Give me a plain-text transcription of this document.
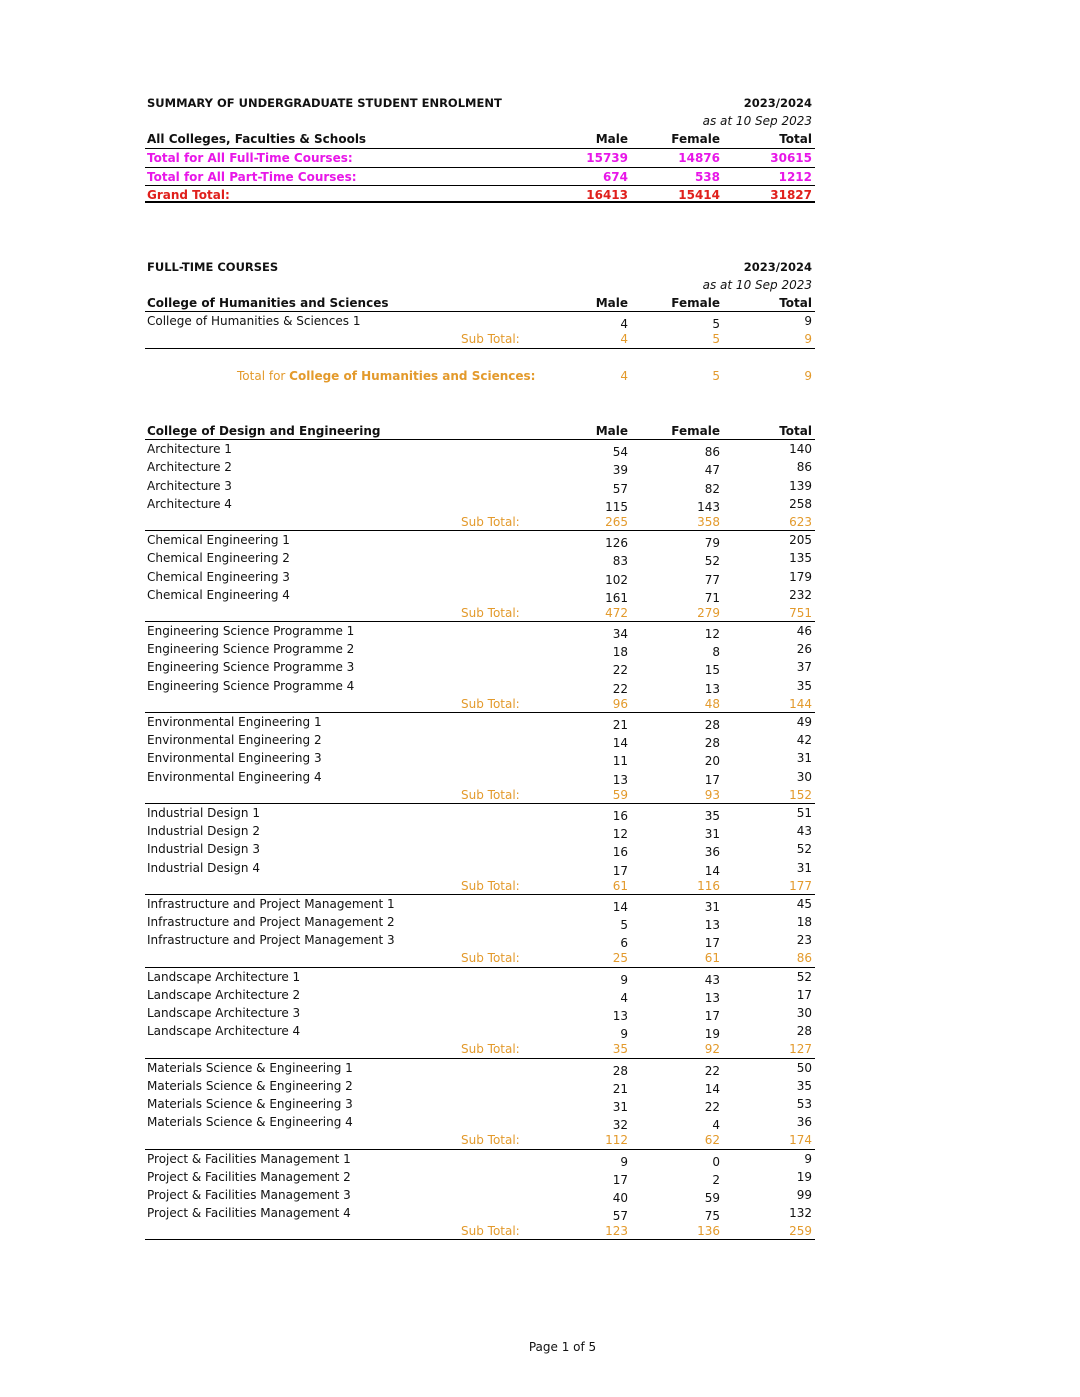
SUMMARY OF UNDERGRADUATE STUDENT ENROLMENT	2023/2024
as at 10 Sep 2023
All Colleges, Faculties & Schools	Male	Female	Total
Total for All Full-Time Courses:	15739	14876	30615
Total for All Part-Time Courses:	674	538	1212
Grand Total:	16413	15414	31827
FULL-TIME COURSES	2023/2024
as at 10 Sep 2023
College of Humanities and Sciences	Male	Female	Total
College of Humanities & Sciences 1	4	5	9
Sub Total:	4	5	9
Total for College of Humanities and Sciences:	4	5	9
College of Design and Engineering	Male	Female	Total
Architecture 1	54	86	140
Architecture 2	39	47	86
Architecture 3	57	82	139
Architecture 4	115	143	258
Sub Total:	265	358	623
Chemical Engineering 1	126	79	205
Chemical Engineering 2	83	52	135
Chemical Engineering 3	102	77	179
Chemical Engineering 4	161	71	232
Sub Total:	472	279	751
Engineering Science Programme 1	34	12	46
Engineering Science Programme 2	18	8	26
Engineering Science Programme 3	22	15	37
Engineering Science Programme 4	22	13	35
Sub Total:	96	48	144
Environmental Engineering 1	21	28	49
Environmental Engineering 2	14	28	42
Environmental Engineering 3	11	20	31
Environmental Engineering 4	13	17	30
Sub Total:	59	93	152
Industrial Design 1	16	35	51
Industrial Design 2	12	31	43
Industrial Design 3	16	36	52
Industrial Design 4	17	14	31
Sub Total:	61	116	177
Infrastructure and Project Management 1	14	31	45
Infrastructure and Project Management 2	5	13	18
Infrastructure and Project Management 3	6	17	23
Sub Total:	25	61	86
Landscape Architecture 1	9	43	52
Landscape Architecture 2	4	13	17
Landscape Architecture 3	13	17	30
Landscape Architecture 4	9	19	28
Sub Total:	35	92	127
Materials Science & Engineering 1	28	22	50
Materials Science & Engineering 2	21	14	35
Materials Science & Engineering 3	31	22	53
Materials Science & Engineering 4	32	4	36
Sub Total:	112	62	174
Project & Facilities Management 1	9	0	9
Project & Facilities Management 2	17	2	19
Project & Facilities Management 3	40	59	99
Project & Facilities Management 4	57	75	132
Sub Total:	123	136	259
Page 1 of 5
